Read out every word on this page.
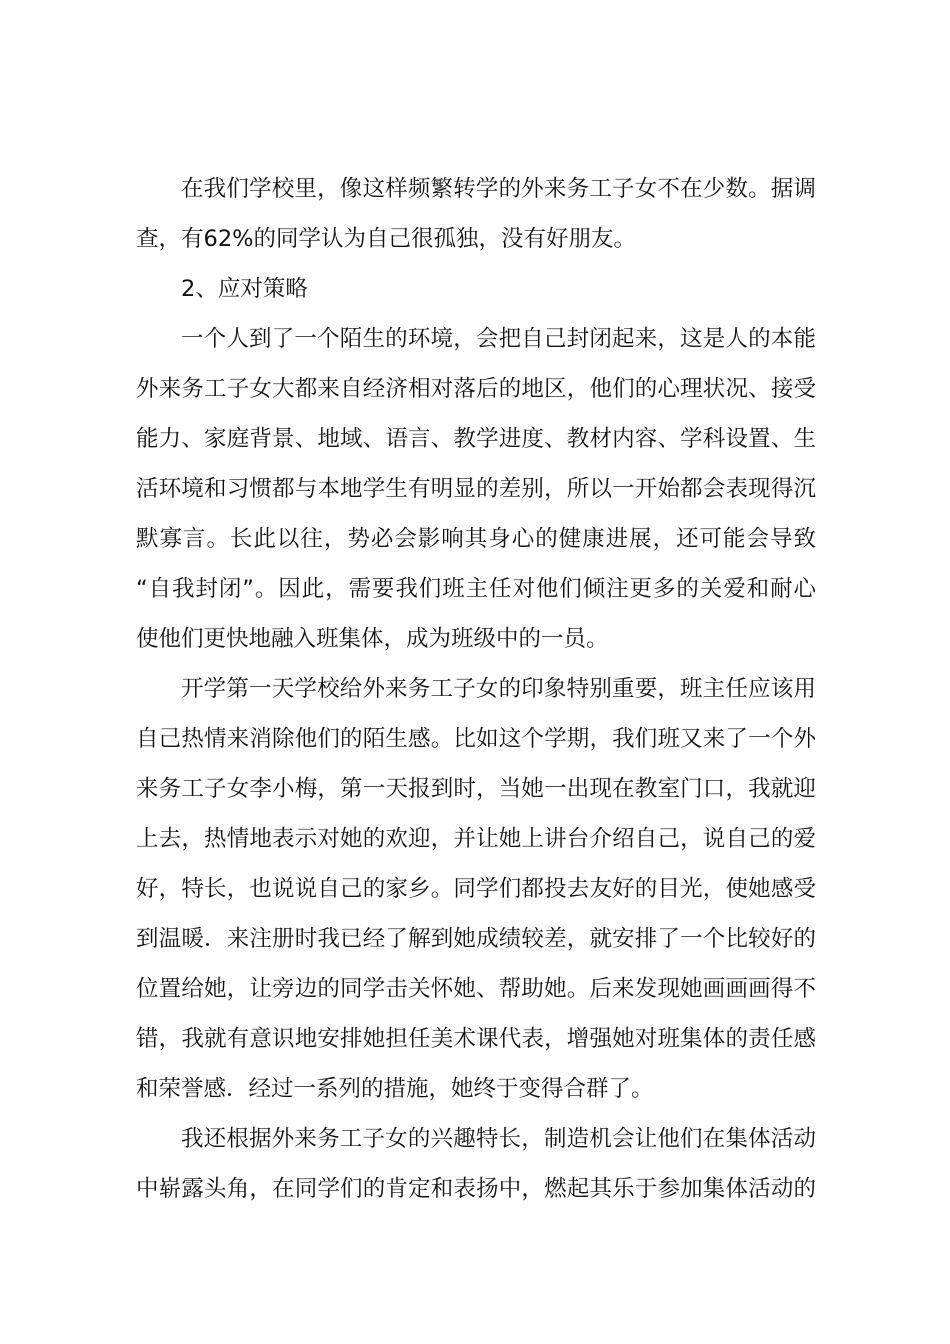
在我们学校里，像这样频繁转学的外来务工子女不在少数。据调
查，有62%的同学认为自己很孤独，没有好朋友。
2、应对策略
一个人到了一个陌生的环境，会把自己封闭起来，这是人的本能
外来务工子女大都来自经济相对落后的地区，他们的心理状况、接受
能力、家庭背景、地域、语言、教学进度、教材内容、学科设置、生
活环境和习惯都与本地学生有明显的差别，所以一开始都会表现得沉
默寡言。长此以往，势必会影响其身心的健康进展，还可能会导致
“自我封闭”。因此，需要我们班主任对他们倾注更多的关爱和耐心
使他们更快地融入班集体，成为班级中的一员。
开学第一天学校给外来务工子女的印象特别重要，班主任应该用
自己热情来消除他们的陌生感。比如这个学期，我们班又来了一个外
来务工子女李小梅，第一天报到时，当她一出现在教室门口，我就迎
上去，热情地表示对她的欢迎，并让她上讲台介绍自己，说自己的爱
好，特长，也说说自己的家乡。同学们都投去友好的目光，使她感受
到温暖．来注册时我已经了解到她成绩较差，就安排了一个比较好的
位置给她，让旁边的同学击关怀她、帮助她。后来发现她画画画得不
错，我就有意识地安排她担任美术课代表，增强她对班集体的责任感
和荣誉感．经过一系列的措施，她终于变得合群了。
我还根据外来务工子女的兴趣特长，制造机会让他们在集体活动
中崭露头角，在同学们的肯定和表扬中，燃起其乐于参加集体活动的
